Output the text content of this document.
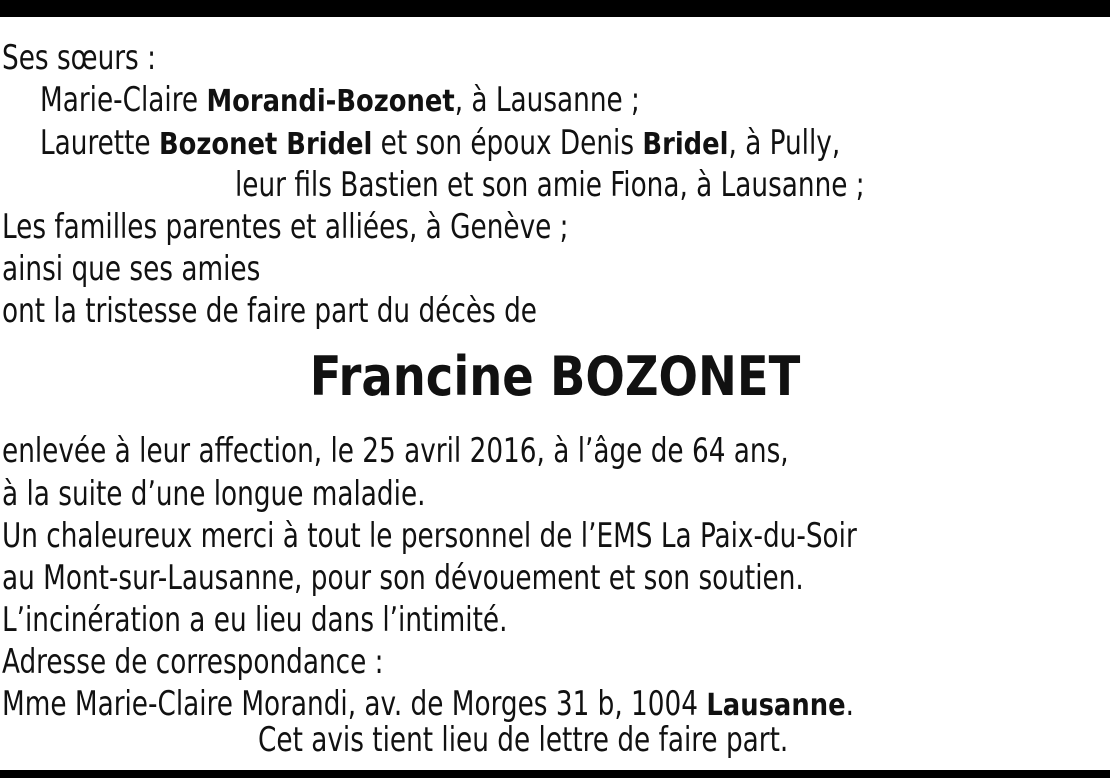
Ses sœurs :
Marie-Claire Morandi-Bozonet, à Lausanne ;
Laurette Bozonet Bridel et son époux Denis Bridel, à Pully,
leur fils Bastien et son amie Fiona, à Lausanne ;
Les familles parentes et alliées, à Genève ;
ainsi que ses amies
ont la tristesse de faire part du décès de
Francine BOZONET
enlevée à leur affection, le 25 avril 2016, à l’âge de 64 ans,
à la suite d’une longue maladie.
Un chaleureux merci à tout le personnel de l’EMS La Paix-du-Soir
au Mont-sur-Lausanne, pour son dévouement et son soutien.
L’incinération a eu lieu dans l’intimité.
Adresse de correspondance :
Mme Marie-Claire Morandi, av. de Morges 31 b, 1004 Lausanne.
Cet avis tient lieu de lettre de faire part.
